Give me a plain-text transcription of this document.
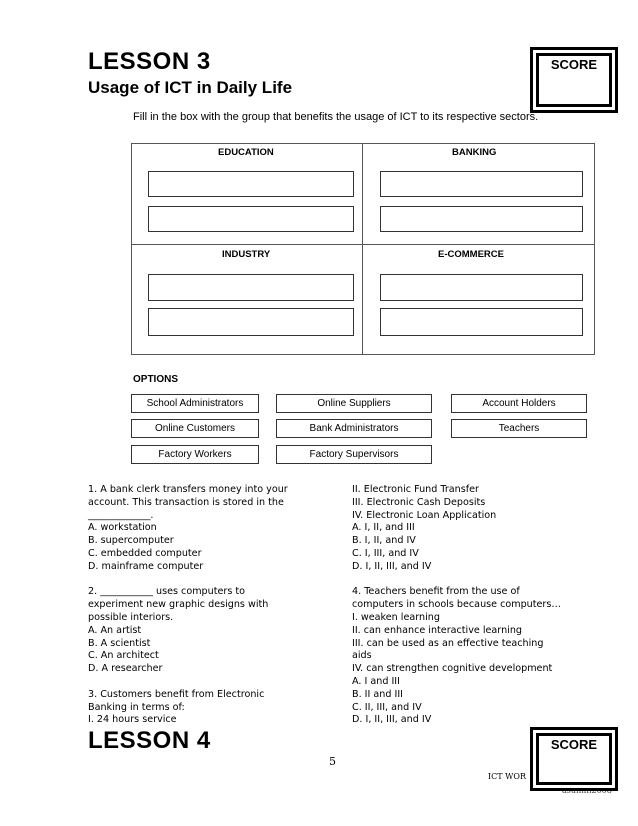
LESSON 3
Usage of ICT in Daily Life
SCORE
Fill in the box with the group that benefits the usage of ICT to its respective sectors.
EDUCATION	BANKING
INDUSTRY	E-COMMERCE
OPTIONS
School Administrators	Online Suppliers	Account Holders
Online Customers	Bank Administrators	Teachers
Factory Workers	Factory Supervisors
1. A bank clerk transfers money into your
account. This transaction is stored in the
_____________.
A. workstation
B. supercomputer
C. embedded computer
D. mainframe computer

2. ___________ uses computers to
experiment new graphic designs with
possible interiors.
A. An artist
B. A scientist
C. An architect
D. A researcher

3. Customers benefit from Electronic
Banking in terms of:
I. 24 hours service
II. Electronic Fund Transfer
III. Electronic Cash Deposits
IV. Electronic Loan Application
A. I, II, and III
B. I, II, and IV
C. I, III, and IV
D. I, II, III, and IV

4. Teachers benefit from the use of
computers in schools because computers…
I. weaken learning
II. can enhance interactive learning
III. can be used as an effective teaching
aids
IV. can strengthen cognitive development
A. I and III
B. II and III
C. II, III, and IV
D. I, II, III, and IV
LESSON 4
5
ICT WOR
SCORE
